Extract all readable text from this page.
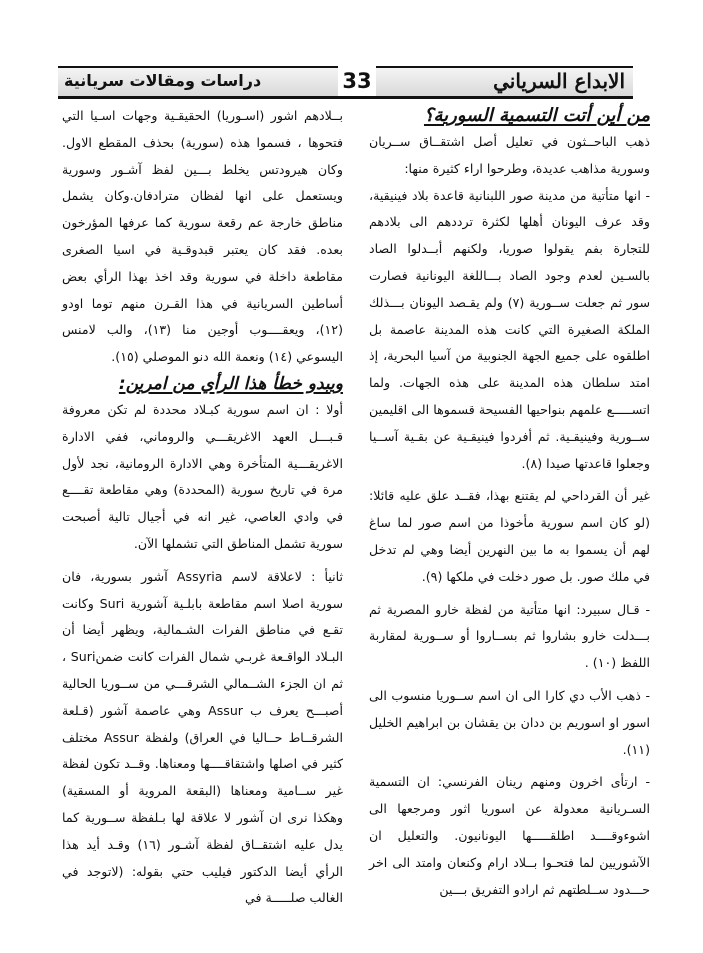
الابداع السرياني
دراسات ومقالات سريانية	33
من أين أتت التسمية السورية؟

ذهب الباحــثون في تعليل أصل اشتقــاق ســريان وسورية مذاهب عديدة، وطرحوا اراء كثيرة منها:

- انها متأتية من مدينة صور اللبنانية قاعدة بلاد فينيقية، وقد عرف اليونان أهلها لكثرة ترددهم الى بلادهم للتجارة بفم يقولوا صوريا، ولكنهم أبــدلوا الصاد بالسـين لعدم وجود الصاد بـــاللغة اليونانية فصارت سور ثم جعلت ســورية (٧) ولم يقـصد اليونان بـــذلك الملكة الصغيرة التي كانت هذه المدينة عاصمة بل اطلقوه على جميع الجهة الجنوبية من آسيا البحرية، إذ امتد سلطان هذه المدينة على هذه الجهات. ولما اتســـــع علمهم بنواحيها الفسيحة قسموها الى اقليمين ســورية وفينيقـية. ثم أفردوا فينيقـية عن بقـية آســيا وجعلوا قاعدتها صيدا (٨).

غير أن القرداحي لم يقتنع بهذا، فقــد علق عليه قائلا: (لو كان اسم سورية مأخوذا من اسم صور لما ساغ لهم أن يسموا به ما بين النهرين أيضا وهي لم تدخل في ملك صور. بل صور دخلت في ملكها (٩).

- قـال سبيرد: انها متأتية من لفظة خارو المصرية ثم بـــدلت خارو بشاروا ثم بســاروا أو ســورية لمقاربة اللفظ (١٠) .

- ذهب الأب دي كارا الى ان اسم ســوريا منسوب الى اسور او اسوريم بن ددان بن يقشان بن ابراهيم الخليل (١١).

- ارتأى اخرون ومنهم رينان الفرنسي: ان التسمية السـريانية معدولة عن اسوريا اثور ومرجعها الى اشوءوقــــد اطلقـــــها اليونانيون. والتعليل ان الآشوريين لما فتحـوا بــلاد ارام وكنعان وامتد الى اخر حـــدود ســلطتهم ثم ارادو التفريق بـــين

بــلادهم اشور (اسـوريا) الحقيقـية وجهات اسـيا التي فتحوها ، فسموا هذه (سورية) بحذف المقطع الاول. وكان هيرودتس يخلط بـــين لفظ آشـور وسورية ويستعمل على انها لفظان مترادفان.وكان يشمل مناطق خارجة عم رقعة سورية كما عرفها المؤرخون بعده. فقد كان يعتبر قبدوقـية في اسيا الصغرى مقاطعة داخلة في سورية وقد اخذ بهذا الرأي بعض أساطين السريانية في هذا القـرن منهم توما اودو (١٢)، ويعقــــوب أوجين منا (١٣)، والب لامنس اليسوعي (١٤) ونعمة الله دنو الموصلي (١٥).

ويبدو خطأ هذا الرأي من امرين:

أولا : ان اسم سورية كبـلاد محددة لم تكن معروفة قـبـــل العهد الاغريقـــي والروماني، ففي الادارة الاغريقـــية المتأخرة وهي الادارة الرومانية، نجد لأول مرة في تاريخ سورية (المحددة) وهي مقاطعة تقــــع في وادي العاصي، غير انه في أجيال تالية أصبحت سورية تشمل المناطق التي تشملها الآن.

ثانيأ : لاعلاقة لاسم Assyria آشور بسورية، فان سورية اصلا اسم مقاطعة بابلـية آشورية Suri وكانت تقـع في مناطق الفرات الشـمالية، ويظهر أيضا أن البـلاد الواقـعة غربـي شمال الفرات كانت ضمنSuri ، ثم ان الجزء الشــمالي الشرقـــي من ســوريا الحالية أصبـــح يعرف ب Assur وهي عاصمة آشور (قـلعة الشرقــاط حــاليا في العراق) ولفظة Assur مختلف كثير في اصلها واشتقاقــــها ومعناها. وقــد تكون لفظة غير ســامية ومعناها (البقعة المروية أو المسقية) وهكذا نرى ان آشور لا علاقة لها بـلفظة ســورية كما يدل عليه اشتقــاق لفظة آشـور (١٦) وقـد أيد هذا الرأي أيضا الدكتور فيليب حتي بقوله: (لاتوجد في الغالب صلـــــة في
